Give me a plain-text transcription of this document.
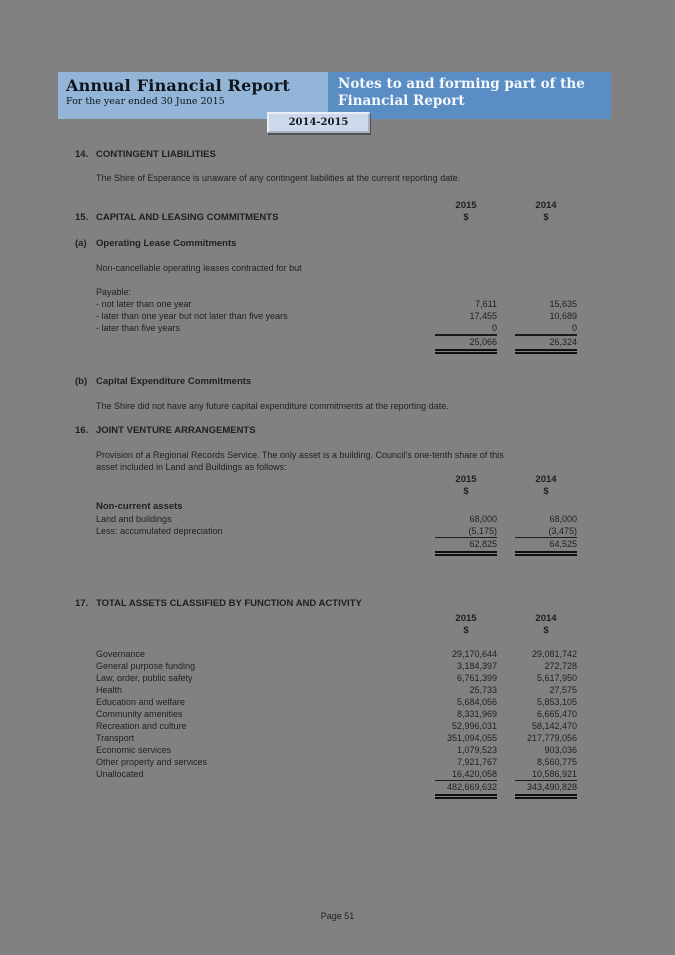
Annual Financial Report
For the year ended 30 June 2015
Notes to and forming part of the
Financial Report
2014-2015
14. CONTINGENT LIABILITIES
The Shire of Esperance is unaware of any contingent liabilities at the current reporting date.
2015	2014
15. CAPITAL AND LEASING COMMITMENTS	$	$
(a) Operating Lease Commitments
Non-cancellable operating leases contracted for but
Payable:
- not later than one year	7,611	15,635
- later than one year but not later than five years	17,455	10,689
- later than five years	0	0
25,066	26,324
(b) Capital Expenditure Commitments
The Shire did not have any future capital expenditure commitments at the reporting date.
16. JOINT VENTURE ARRANGEMENTS
Provision of a Regional Records Service. The only asset is a building. Council's one-tenth share of this
asset included in Land and Buildings as follows:
2015	2014
$	$
Non-current assets
Land and buildings	68,000	68,000
Less: accumulated depreciation	(5,175)	(3,475)
62,825	64,525
17. TOTAL ASSETS CLASSIFIED BY FUNCTION AND ACTIVITY
2015	2014
$	$
Governance	29,170,644	29,081,742
General purpose funding	3,184,397	272,728
Law, order, public safety	6,761,399	5,617,950
Health	25,733	27,575
Education and welfare	5,684,056	5,853,105
Community amenities	8,331,969	6,665,470
Recreation and culture	52,996,031	58,142,470
Transport	351,094,055	217,779,056
Economic services	1,079,523	903,036
Other property and services	7,921,767	8,560,775
Unallocated	16,420,058	10,586,921
482,669,632	343,490,828
Page 51
